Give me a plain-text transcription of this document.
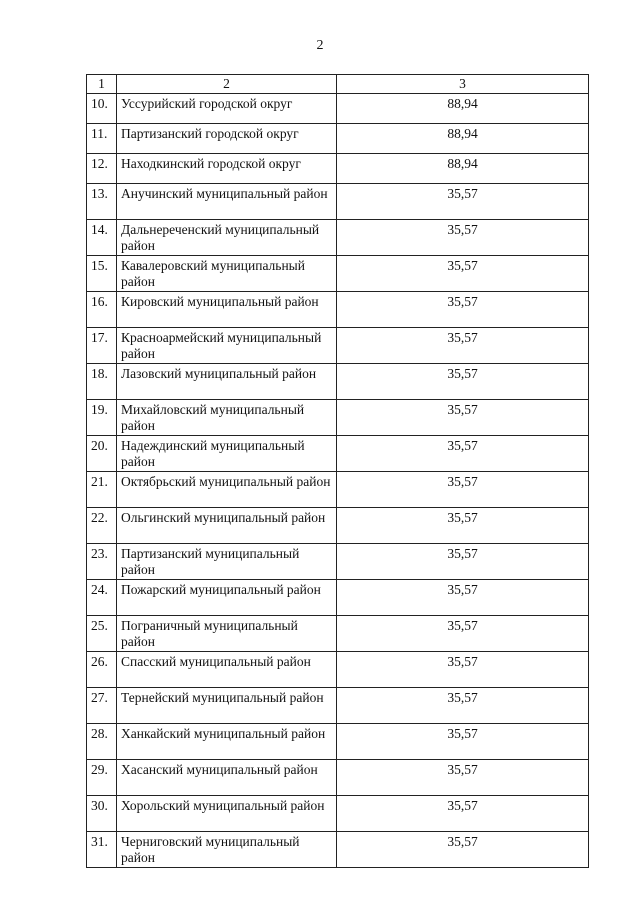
2
1	2	3
10.	Уссурийский городской округ	88,94
11.	Партизанский городской округ	88,94
12.	Находкинский городской округ	88,94
13.	Анучинский муниципальный район	35,57
14.	Дальнереченский муниципальный район	35,57
15.	Кавалеровский муниципальный район	35,57
16.	Кировский муниципальный район	35,57
17.	Красноармейский муниципальный район	35,57
18.	Лазовский муниципальный район	35,57
19.	Михайловский муниципальный район	35,57
20.	Надеждинский муниципальный район	35,57
21.	Октябрьский муниципальный район	35,57
22.	Ольгинский муниципальный район	35,57
23.	Партизанский муниципальный район	35,57
24.	Пожарский муниципальный район	35,57
25.	Пограничный муниципальный район	35,57
26.	Спасский муниципальный район	35,57
27.	Тернейский муниципальный район	35,57
28.	Ханкайский муниципальный район	35,57
29.	Хасанский муниципальный район	35,57
30.	Хорольский муниципальный район	35,57
31.	Черниговский муниципальный район	35,57
